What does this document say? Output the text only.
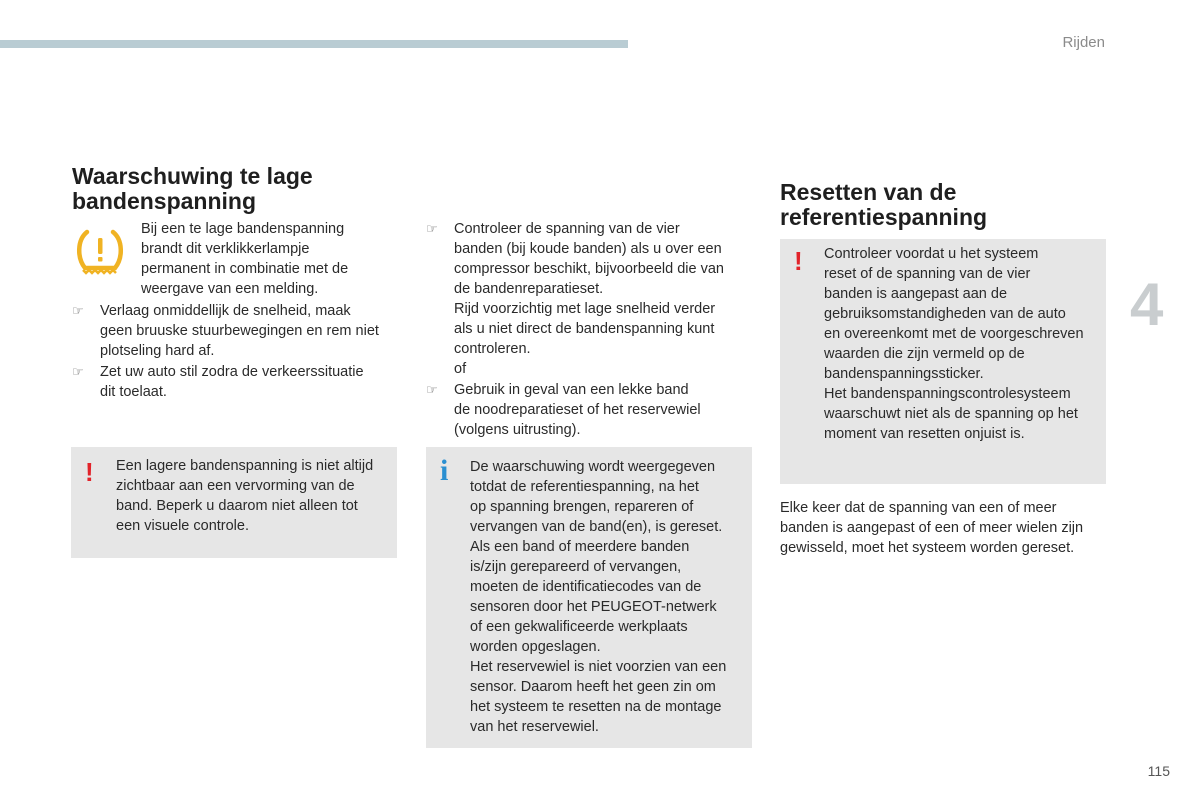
Rijden
4
115
Waarschuwing te lage
bandenspanning
Bij een te lage bandenspanning
brandt dit verklikkerlampje
permanent in combinatie met de
weergave van een melding.
☞ Verlaag onmiddellijk de snelheid, maak
geen bruuske stuurbewegingen en rem niet
plotseling hard af.
☞ Zet uw auto stil zodra de verkeerssituatie
dit toelaat.
! Een lagere bandenspanning is niet altijd
zichtbaar aan een vervorming van de
band. Beperk u daarom niet alleen tot
een visuele controle.
☞ Controleer de spanning van de vier
banden (bij koude banden) als u over een
compressor beschikt, bijvoorbeeld die van
de bandenreparatieset.
Rijd voorzichtig met lage snelheid verder
als u niet direct de bandenspanning kunt
controleren.
of
☞ Gebruik in geval van een lekke band
de noodreparatieset of het reservewiel
(volgens uitrusting).
i De waarschuwing wordt weergegeven
totdat de referentiespanning, na het
op spanning brengen, repareren of
vervangen van de band(en), is gereset.
Als een band of meerdere banden
is/zijn gerepareerd of vervangen,
moeten de identificatiecodes van de
sensoren door het PEUGEOT-netwerk
of een gekwalificeerde werkplaats
worden opgeslagen.
Het reservewiel is niet voorzien van een
sensor. Daarom heeft het geen zin om
het systeem te resetten na de montage
van het reservewiel.
Resetten van de
referentiespanning
! Controleer voordat u het systeem
reset of de spanning van de vier
banden is aangepast aan de
gebruiksomstandigheden van de auto
en overeenkomt met de voorgeschreven
waarden die zijn vermeld op de
bandenspanningssticker.
Het bandenspanningscontrolesysteem
waarschuwt niet als de spanning op het
moment van resetten onjuist is.
Elke keer dat de spanning van een of meer
banden is aangepast of een of meer wielen zijn
gewisseld, moet het systeem worden gereset.
